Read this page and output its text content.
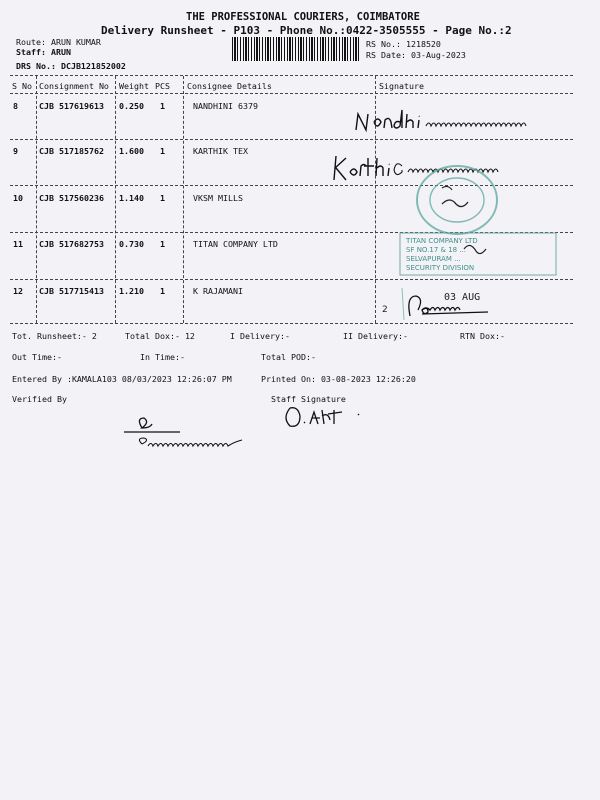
THE PROFESSIONAL COURIERS, COIMBATORE
Delivery Runsheet - P103 - Phone No.:0422-3505555 - Page No.:2
Route: ARUN KUMAR
Staff: ARUN
DRS No.: DCJB121852002
RS No.: 1218520
RS Date: 03-Aug-2023
S No Consignment No Weight PCS Consignee Details	Signature
8	CJB 517619613 0.250 1	NANDHINI 6379
9	CJB 517185762 1.600 1	KARTHIK TEX
10 CJB 517560236 1.140 1	VKSM MILLS
11 CJB 517682753 0.730 1	TITAN COMPANY LTD
12 CJB 517715413 1.210 1	K RAJAMANI
TITAN COMPANY LTD
SF NO.17 & 18 ...
SELVAPURAM ...
SECURITY DIVISION
03 AUG
2
Tot. Runsheet:- 2	Total Dox:- 12	I Delivery:-	II Delivery:-	RTN Dox:-
Out Time:-	In Time:-	Total POD:-
Entered By :KAMALA103 08/03/2023 12:26:07 PM	Printed On: 03-08-2023 12:26:20
Verified By	Staff Signature
